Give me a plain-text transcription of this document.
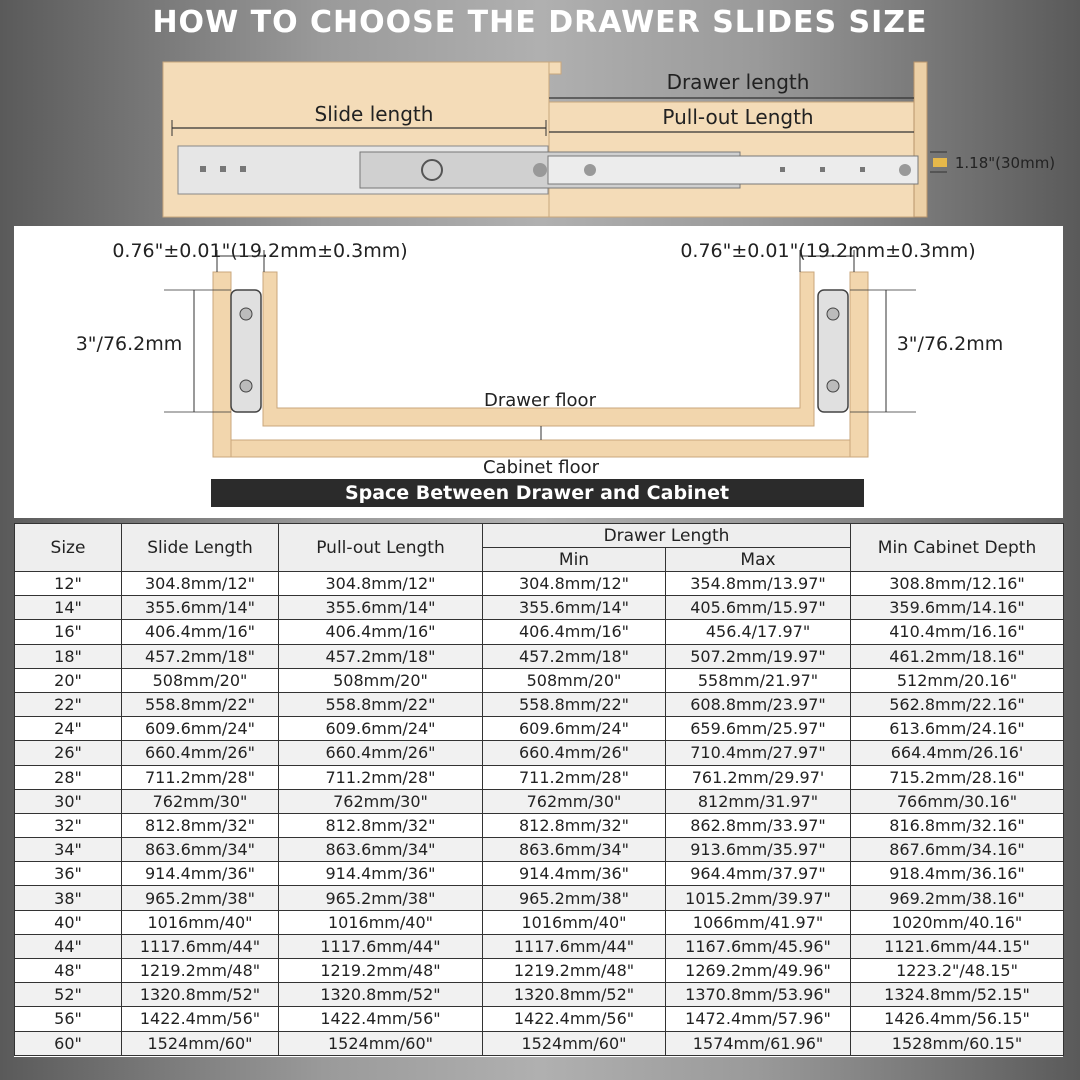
HOW TO CHOOSE THE DRAWER SLIDES SIZE
Drawer length
Slide length	Pull-out Length
1.18"(30mm)
0.76"±0.01"(19.2mm±0.3mm)	0.76"±0.01"(19.2mm±0.3mm)
3"/76.2mm	3"/76.2mm
Drawer floor
Cabinet floor
Space Between Drawer and Cabinet
Size	Slide Length	Pull-out Length	Drawer Length		Min Cabinet Depth
			Min	Max	
12"	304.8mm/12"	304.8mm/12"	304.8mm/12"	354.8mm/13.97"	308.8mm/12.16"
14"	355.6mm/14"	355.6mm/14"	355.6mm/14"	405.6mm/15.97"	359.6mm/14.16"
16"	406.4mm/16"	406.4mm/16"	406.4mm/16"	456.4/17.97"	410.4mm/16.16"
18"	457.2mm/18"	457.2mm/18"	457.2mm/18"	507.2mm/19.97"	461.2mm/18.16"
20"	508mm/20"	508mm/20"	508mm/20"	558mm/21.97"	512mm/20.16"
22"	558.8mm/22"	558.8mm/22"	558.8mm/22"	608.8mm/23.97"	562.8mm/22.16"
24"	609.6mm/24"	609.6mm/24"	609.6mm/24"	659.6mm/25.97"	613.6mm/24.16"
26"	660.4mm/26"	660.4mm/26"	660.4mm/26"	710.4mm/27.97"	664.4mm/26.16'
28"	711.2mm/28"	711.2mm/28"	711.2mm/28"	761.2mm/29.97'	715.2mm/28.16"
30"	762mm/30"	762mm/30"	762mm/30"	812mm/31.97"	766mm/30.16"
32"	812.8mm/32"	812.8mm/32"	812.8mm/32"	862.8mm/33.97"	816.8mm/32.16"
34"	863.6mm/34"	863.6mm/34"	863.6mm/34"	913.6mm/35.97"	867.6mm/34.16"
36"	914.4mm/36"	914.4mm/36"	914.4mm/36"	964.4mm/37.97"	918.4mm/36.16"
38"	965.2mm/38"	965.2mm/38"	965.2mm/38"	1015.2mm/39.97"	969.2mm/38.16"
40"	1016mm/40"	1016mm/40"	1016mm/40"	1066mm/41.97"	1020mm/40.16"
44"	1117.6mm/44"	1117.6mm/44"	1117.6mm/44"	1167.6mm/45.96"	1121.6mm/44.15"
48"	1219.2mm/48"	1219.2mm/48"	1219.2mm/48"	1269.2mm/49.96"	1223.2"/48.15"
52"	1320.8mm/52"	1320.8mm/52"	1320.8mm/52"	1370.8mm/53.96"	1324.8mm/52.15"
56"	1422.4mm/56"	1422.4mm/56"	1422.4mm/56"	1472.4mm/57.96"	1426.4mm/56.15"
60"	1524mm/60"	1524mm/60"	1524mm/60"	1574mm/61.96"	1528mm/60.15"
